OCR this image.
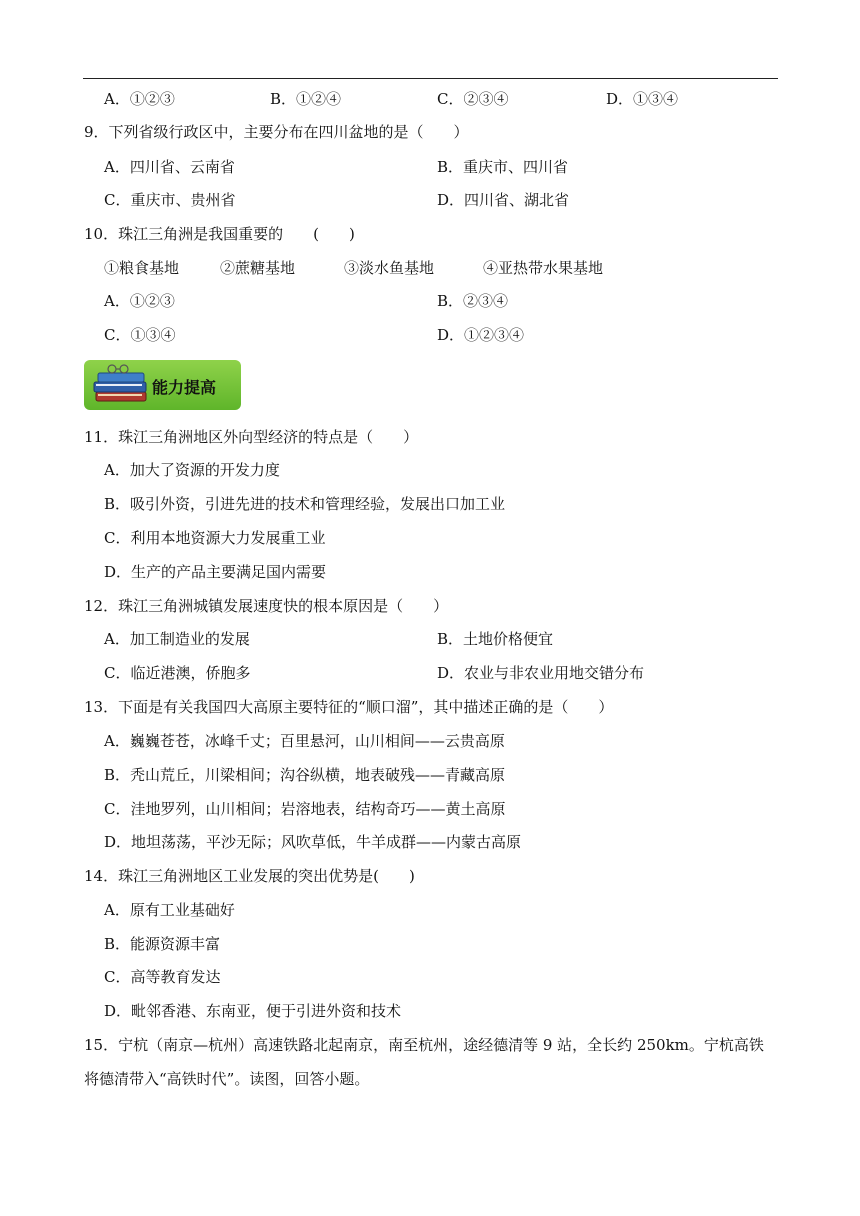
A．①②③	B．①②④	C．②③④	D．①③④
9．下列省级行政区中，主要分布在四川盆地的是（　　）
A．四川省、云南省	B．重庆市、四川省
C．重庆市、贵州省	D．四川省、湖北省
10．珠江三角洲是我国重要的　　(　　)
①粮食基地	②蔗糖基地	③淡水鱼基地	④亚热带水果基地
A．①②③	B．②③④
C．①③④	D．①②③④
能力提高
11．珠江三角洲地区外向型经济的特点是（　　）
A．加大了资源的开发力度
B．吸引外资，引进先进的技术和管理经验，发展出口加工业
C．利用本地资源大力发展重工业
D．生产的产品主要满足国内需要
12．珠江三角洲城镇发展速度快的根本原因是（　　）
A．加工制造业的发展	B．土地价格便宜
C．临近港澳，侨胞多	D．农业与非农业用地交错分布
13．下面是有关我国四大高原主要特征的“顺口溜”，其中描述正确的是（　　）
A．巍巍苍苍，冰峰千丈；百里悬河，山川相间——云贵高原
B．秃山荒丘，川梁相间；沟谷纵横，地表破残——青藏高原
C．洼地罗列，山川相间；岩溶地表，结构奇巧——黄土高原
D．地坦荡荡，平沙无际；风吹草低，牛羊成群——内蒙古高原
14．珠江三角洲地区工业发展的突出优势是(　　)
A．原有工业基础好
B．能源资源丰富
C．高等教育发达
D．毗邻香港、东南亚，便于引进外资和技术
15．宁杭（南京—杭州）高速铁路北起南京，南至杭州，途经德清等 9 站，全长约 250km。宁杭高铁
将德清带入“高铁时代”。读图，回答小题。
